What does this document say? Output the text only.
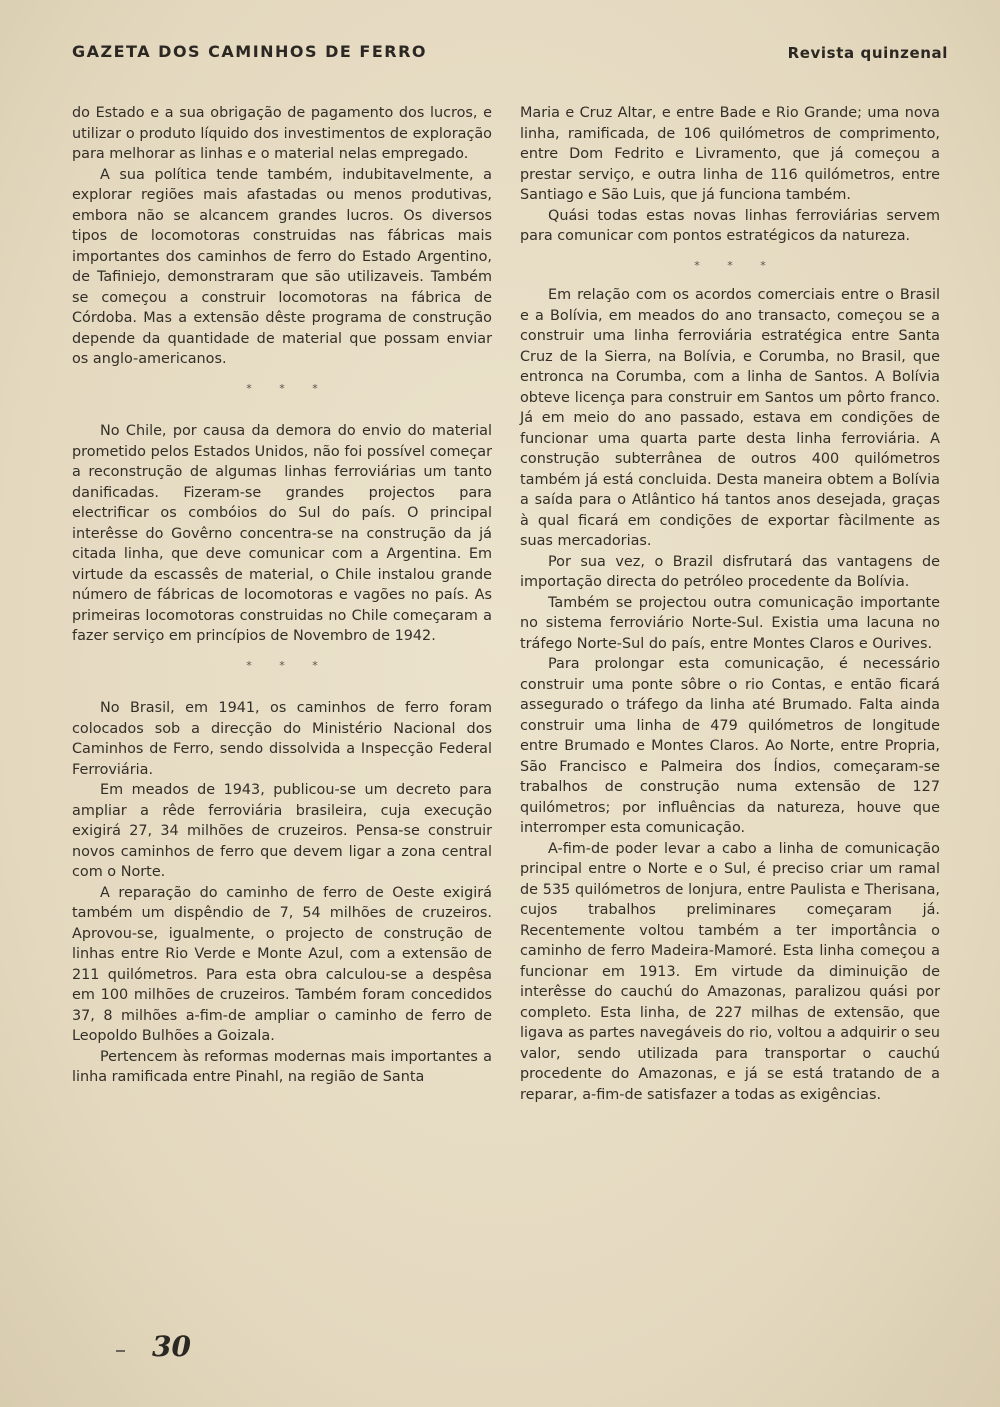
GAZETA DOS CAMINHOS DE FERRO	Revista quinzenal

do Estado e a sua obrigação de pagamento dos lucros, e utilizar o produto líquido dos investimentos de exploração para melhorar as linhas e o material nelas empregado.

A sua política tende também, indubitavelmente, a explorar regiões mais afastadas ou menos produtivas, embora não se alcancem grandes lucros. Os diversos tipos de locomotoras construidas nas fábricas mais importantes dos caminhos de ferro do Estado Argentino, de Tafiniejo, demonstraram que são utilizaveis. Também se começou a construir locomotoras na fábrica de Córdoba. Mas a extensão dêste programa de construção depende da quantidade de material que possam enviar os anglo-americanos.

* * *

No Chile, por causa da demora do envio do material prometido pelos Estados Unidos, não foi possível começar a reconstrução de algumas linhas ferroviárias um tanto danificadas. Fizeram-se grandes projectos para electrificar os combóios do Sul do país. O principal interêsse do Govêrno concentra-se na construção da já citada linha, que deve comunicar com a Argentina. Em virtude da escassês de material, o Chile instalou grande número de fábricas de locomotoras e vagões no país. As primeiras locomotoras construidas no Chile começaram a fazer serviço em princípios de Novembro de 1942.

* * *

No Brasil, em 1941, os caminhos de ferro foram colocados sob a direcção do Ministério Nacional dos Caminhos de Ferro, sendo dissolvida a Inspecção Federal Ferroviária.

Em meados de 1943, publicou-se um decreto para ampliar a rêde ferroviária brasileira, cuja execução exigirá 27, 34 milhões de cruzeiros. Pensa-se construir novos caminhos de ferro que devem ligar a zona central com o Norte.

A reparação do caminho de ferro de Oeste exigirá também um dispêndio de 7, 54 milhões de cruzeiros. Aprovou-se, igualmente, o projecto de construção de linhas entre Rio Verde e Monte Azul, com a extensão de 211 quilómetros. Para esta obra calculou-se a despêsa em 100 milhões de cruzeiros. Também foram concedidos 37, 8 milhões a-fim-de ampliar o caminho de ferro de Leopoldo Bulhões a Goizala.

Pertencem às reformas modernas mais importantes a linha ramificada entre Pinahl, na região de Santa

Maria e Cruz Altar, e entre Bade e Rio Grande; uma nova linha, ramificada, de 106 quilómetros de comprimento, entre Dom Fedrito e Livramento, que já começou a prestar serviço, e outra linha de 116 quilómetros, entre Santiago e São Luis, que já funciona também.

Quási todas estas novas linhas ferroviárias servem para comunicar com pontos estratégicos da natureza.

* * *

Em relação com os acordos comerciais entre o Brasil e a Bolívia, em meados do ano transacto, começou se a construir uma linha ferroviária estratégica entre Santa Cruz de la Sierra, na Bolívia, e Corumba, no Brasil, que entronca na Corumba, com a linha de Santos. A Bolívia obteve licença para construir em Santos um pôrto franco. Já em meio do ano passado, estava em condições de funcionar uma quarta parte desta linha ferroviária. A construção subterrânea de outros 400 quilómetros também já está concluida. Desta maneira obtem a Bolívia a saída para o Atlântico há tantos anos desejada, graças à qual ficará em condições de exportar fàcilmente as suas mercadorias.

Por sua vez, o Brazil disfrutará das vantagens de importação directa do petróleo procedente da Bolívia.

Também se projectou outra comunicação importante no sistema ferroviário Norte-Sul. Existia uma lacuna no tráfego Norte-Sul do país, entre Montes Claros e Ourives.

Para prolongar esta comunicação, é necessário construir uma ponte sôbre o rio Contas, e então ficará assegurado o tráfego da linha até Brumado. Falta ainda construir uma linha de 479 quilómetros de longitude entre Brumado e Montes Claros. Ao Norte, entre Propria, São Francisco e Palmeira dos Índios, começaram-se trabalhos de construção numa extensão de 127 quilómetros; por influências da natureza, houve que interromper esta comunicação.

A-fim-de poder levar a cabo a linha de comunicação principal entre o Norte e o Sul, é preciso criar um ramal de 535 quilómetros de lonjura, entre Paulista e Therisana, cujos trabalhos preliminares começaram já. Recentemente voltou também a ter importância o caminho de ferro Madeira-Mamoré. Esta linha começou a funcionar em 1913. Em virtude da diminuição de interêsse do cauchú do Amazonas, paralizou quási por completo. Esta linha, de 227 milhas de extensão, que ligava as partes navegáveis do rio, voltou a adquirir o seu valor, sendo utilizada para transportar o cauchú procedente do Amazonas, e já se está tratando de a reparar, a-fim-de satisfazer a todas as exigências.

30
